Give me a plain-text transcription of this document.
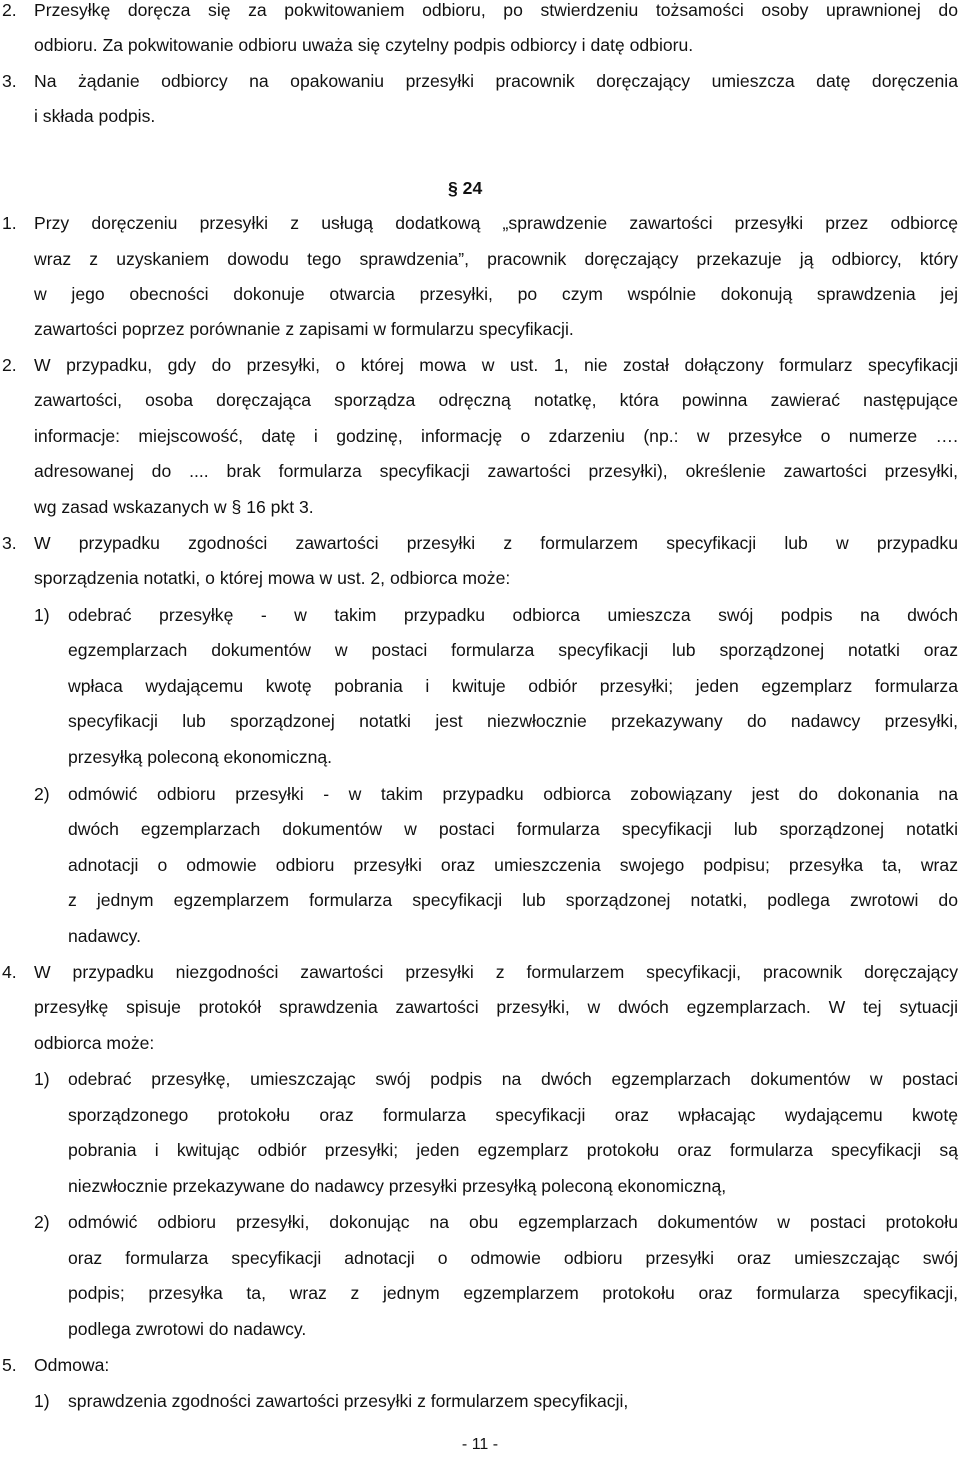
2. Przesyłkę doręcza się za pokwitowaniem odbioru, po stwierdzeniu tożsamości osoby uprawnionej do
odbioru. Za pokwitowanie odbioru uważa się czytelny podpis odbiorcy i datę odbioru.
3. Na żądanie odbiorcy na opakowaniu przesyłki pracownik doręczający umieszcza datę doręczenia
i składa podpis.
§ 24
1. Przy doręczeniu przesyłki z usługą dodatkową „sprawdzenie zawartości przesyłki przez odbiorcę
wraz z uzyskaniem dowodu tego sprawdzenia”, pracownik doręczający przekazuje ją odbiorcy, który
w jego obecności dokonuje otwarcia przesyłki, po czym wspólnie dokonują sprawdzenia jej
zawartości poprzez porównanie z zapisami w formularzu specyfikacji.
2. W przypadku, gdy do przesyłki, o której mowa w ust. 1, nie został dołączony formularz specyfikacji
zawartości, osoba doręczająca sporządza odręczną notatkę, która powinna zawierać następujące
informacje: miejscowość, datę i godzinę, informację o zdarzeniu (np.: w przesyłce o numerze ….
adresowanej do .... brak formularza specyfikacji zawartości przesyłki), określenie zawartości przesyłki,
wg zasad wskazanych w § 16 pkt 3.
3. W przypadku zgodności zawartości przesyłki z formularzem specyfikacji lub w przypadku
sporządzenia notatki, o której mowa w ust. 2, odbiorca może:
1) odebrać przesyłkę - w takim przypadku odbiorca umieszcza swój podpis na dwóch
egzemplarzach dokumentów w postaci formularza specyfikacji lub sporządzonej notatki oraz
wpłaca wydającemu kwotę pobrania i kwituje odbiór przesyłki; jeden egzemplarz formularza
specyfikacji lub sporządzonej notatki jest niezwłocznie przekazywany do nadawcy przesyłki,
przesyłką poleconą ekonomiczną.
2) odmówić odbioru przesyłki - w takim przypadku odbiorca zobowiązany jest do dokonania na
dwóch egzemplarzach dokumentów w postaci formularza specyfikacji lub sporządzonej notatki
adnotacji o odmowie odbioru przesyłki oraz umieszczenia swojego podpisu; przesyłka ta, wraz
z jednym egzemplarzem formularza specyfikacji lub sporządzonej notatki, podlega zwrotowi do
nadawcy.
4. W przypadku niezgodności zawartości przesyłki z formularzem specyfikacji, pracownik doręczający
przesyłkę spisuje protokół sprawdzenia zawartości przesyłki, w dwóch egzemplarzach. W tej sytuacji
odbiorca może:
1) odebrać przesyłkę, umieszczając swój podpis na dwóch egzemplarzach dokumentów w postaci
sporządzonego protokołu oraz formularza specyfikacji oraz wpłacając wydającemu kwotę
pobrania i kwitując odbiór przesyłki; jeden egzemplarz protokołu oraz formularza specyfikacji są
niezwłocznie przekazywane do nadawcy przesyłki przesyłką poleconą ekonomiczną,
2) odmówić odbioru przesyłki, dokonując na obu egzemplarzach dokumentów w postaci protokołu
oraz formularza specyfikacji adnotacji o odmowie odbioru przesyłki oraz umieszczając swój
podpis; przesyłka ta, wraz z jednym egzemplarzem protokołu oraz formularza specyfikacji,
podlega zwrotowi do nadawcy.
5. Odmowa:
1) sprawdzenia zgodności zawartości przesyłki z formularzem specyfikacji,
- 11 -
